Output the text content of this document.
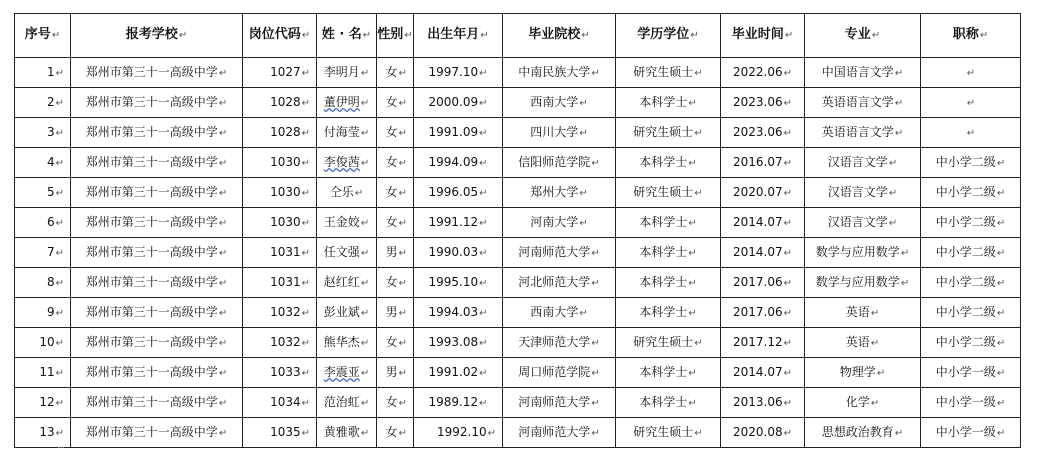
序号↵	报考学校↵	岗位代码↵	姓 · 名↵	性别↵	出生年月↵	毕业院校↵	学历学位↵	毕业时间↵	专业↵	职称↵
1↵	郑州市第三十一高级中学↵	1027↵	李明月↵	女↵	1997.10↵	中南民族大学↵	研究生硕士↵	2022.06↵	中国语言文学↵	↵
2↵	郑州市第三十一高级中学↵	1028↵	董伊明↵	女↵	2000.09↵	西南大学↵	本科学士↵	2023.06↵	英语语言文学↵	↵
3↵	郑州市第三十一高级中学↵	1028↵	付海莹↵	女↵	1991.09↵	四川大学↵	研究生硕士↵	2023.06↵	英语语言文学↵	↵
4↵	郑州市第三十一高级中学↵	1030↵	李俊茜↵	女↵	1994.09↵	信阳师范学院↵	本科学士↵	2016.07↵	汉语言文学↵	中小学二级↵
5↵	郑州市第三十一高级中学↵	1030↵	仝乐↵	女↵	1996.05↵	郑州大学↵	研究生硕士↵	2020.07↵	汉语言文学↵	中小学二级↵
6↵	郑州市第三十一高级中学↵	1030↵	王金姣↵	女↵	1991.12↵	河南大学↵	本科学士↵	2014.07↵	汉语言文学↵	中小学二级↵
7↵	郑州市第三十一高级中学↵	1031↵	任文强↵	男↵	1990.03↵	河南师范大学↵	本科学士↵	2014.07↵	数学与应用数学↵	中小学二级↵
8↵	郑州市第三十一高级中学↵	1031↵	赵红红↵	女↵	1995.10↵	河北师范大学↵	本科学士↵	2017.06↵	数学与应用数学↵	中小学二级↵
9↵	郑州市第三十一高级中学↵	1032↵	彭业斌↵	男↵	1994.03↵	西南大学↵	本科学士↵	2017.06↵	英语↵	中小学二级↵
10↵	郑州市第三十一高级中学↵	1032↵	熊华杰↵	女↵	1993.08↵	天津师范大学↵	研究生硕士↵	2017.12↵	英语↵	中小学二级↵
11↵	郑州市第三十一高级中学↵	1033↵	李震亚↵	男↵	1991.02↵	周口师范学院↵	本科学士↵	2014.07↵	物理学↵	中小学一级↵
12↵	郑州市第三十一高级中学↵	1034↵	范治虹↵	女↵	1989.12↵	河南师范大学↵	本科学士↵	2013.06↵	化学↵	中小学一级↵
13↵	郑州市第三十一高级中学↵	1035↵	黄雅歌↵	女↵	1992.10↵	河南师范大学↵	研究生硕士↵	2020.08↵	思想政治教育↵	中小学一级↵
